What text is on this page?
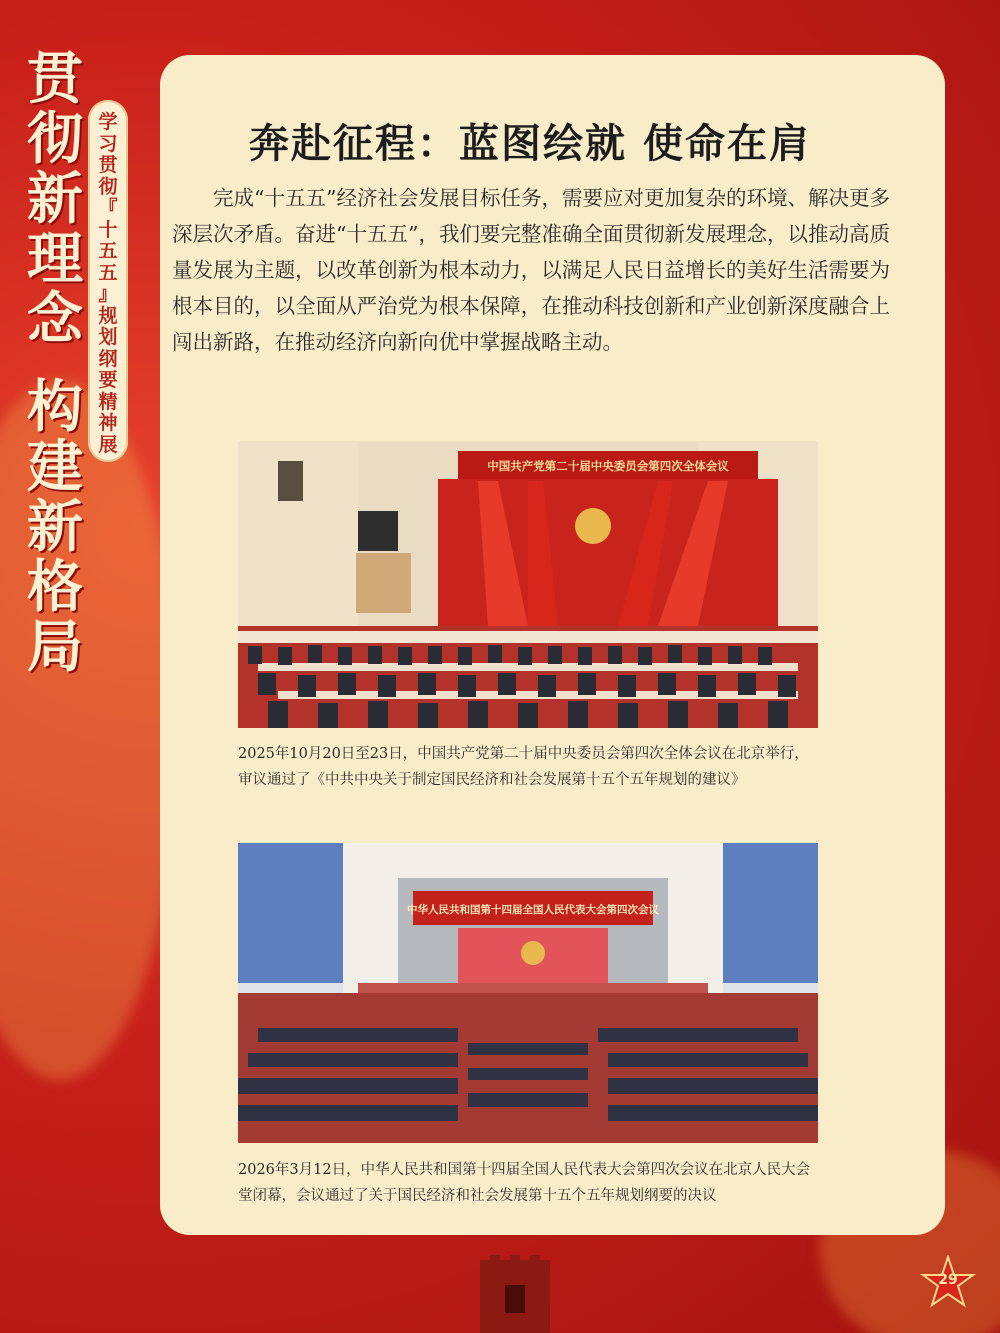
贯
彻
新
理
念
构
建
新
格
局
学
习
贯
彻
『
十
五
五
』
规
划
纲
要
精
神
展
奔赴征程：蓝图绘就 使命在肩
完成“十五五”经济社会发展目标任务，需要应对更加复杂的环境、解决更多深层次矛盾。奋进“十五五”，我们要完整准确全面贯彻新发展理念，以推动高质量发展为主题，以改革创新为根本动力，以满足人民日益增长的美好生活需要为根本目的，以全面从严治党为根本保障，在推动科技创新和产业创新深度融合上闯出新路，在推动经济向新向优中掌握战略主动。
中国共产党第二十届中央委员会第四次全体会议
2025年10月20日至23日，中国共产党第二十届中央委员会第四次全体会议在北京举行，审议通过了《中共中央关于制定国民经济和社会发展第十五个五年规划的建议》
中华人民共和国第十四届全国人民代表大会第四次会议
2026年3月12日，中华人民共和国第十四届全国人民代表大会第四次会议在北京人民大会堂闭幕，会议通过了关于国民经济和社会发展第十五个五年规划纲要的决议
29
